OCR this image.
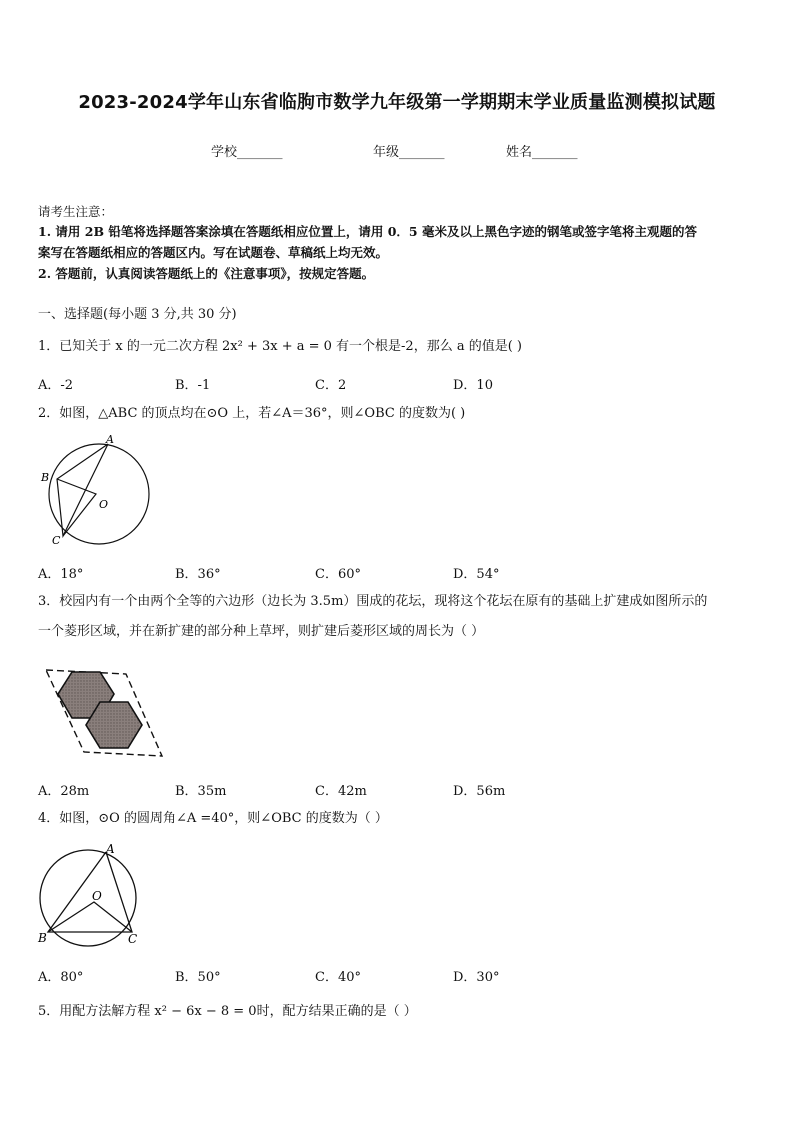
2023-2024学年山东省临朐市数学九年级第一学期期末学业质量监测模拟试题
学校_______	年级_______	姓名_______
请考生注意：
1. 请用 2B 铅笔将选择题答案涂填在答题纸相应位置上，请用 0．5 毫米及以上黑色字迹的钢笔或签字笔将主观题的答
案写在答题纸相应的答题区内。写在试题卷、草稿纸上均无效。
2. 答题前，认真阅读答题纸上的《注意事项》，按规定答题。
一、选择题(每小题 3 分,共 30 分)
1．已知关于 x 的一元二次方程 2x² + 3x + a = 0 有一个根是-2，那么 a 的值是( )
A．-2	B．-1	C．2	D．10
2．如图，△ABC 的顶点均在⊙O 上，若∠A＝36°，则∠OBC 的度数为( )
A
B
O
C
A．18°	B．36°	C．60°	D．54°
3．校园内有一个由两个全等的六边形（边长为 3.5m）围成的花坛，现将这个花坛在原有的基础上扩建成如图所示的
一个菱形区域，并在新扩建的部分种上草坪，则扩建后菱形区域的周长为（ ）
A．28m	B．35m	C．42m	D．56m
4．如图，⊙O 的圆周角∠A =40°，则∠OBC 的度数为（ ）
A
O
B	C
A．80°	B．50°	C．40°	D．30°
5．用配方法解方程 x² − 6x − 8 = 0时，配方结果正确的是（ ）
